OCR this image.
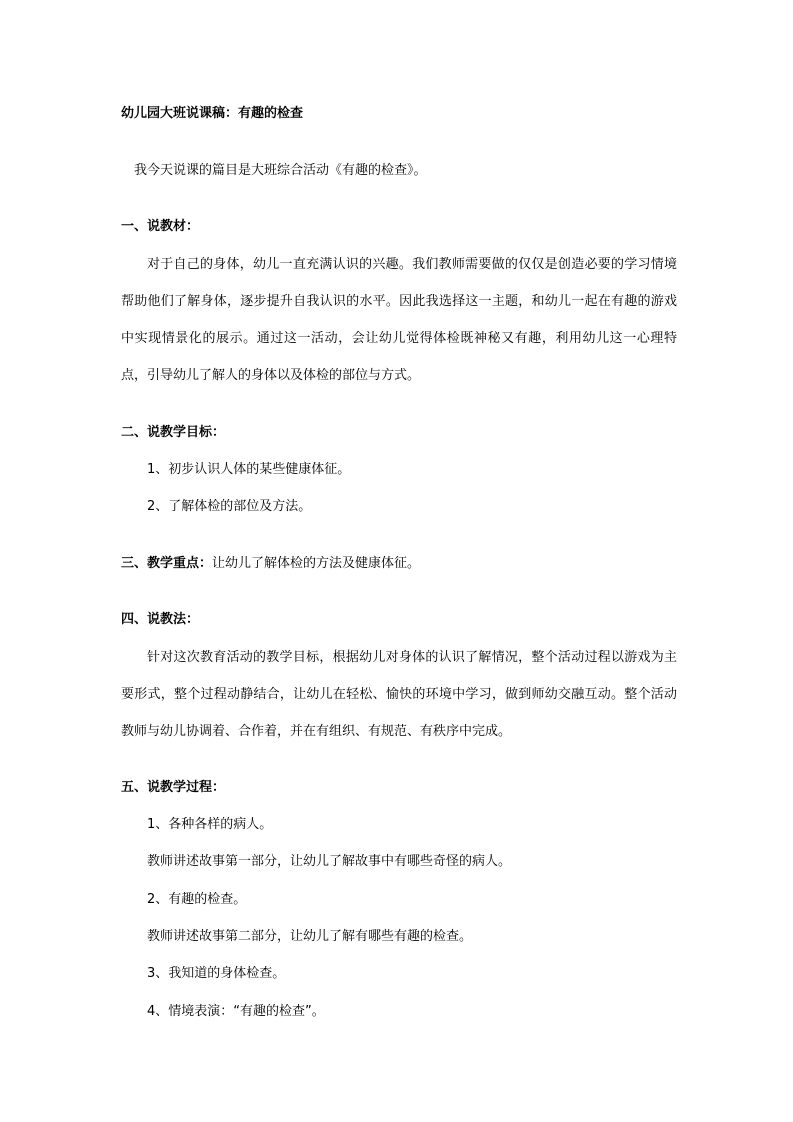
幼儿园大班说课稿：有趣的检查
我今天说课的篇目是大班综合活动《有趣的检查》。
一、说教材：
对于自己的身体，幼儿一直充满认识的兴趣。我们教师需要做的仅仅是创造必要的学习情境帮助他们了解身体，逐步提升自我认识的水平。因此我选择这一主题，和幼儿一起在有趣的游戏中实现情景化的展示。通过这一活动，会让幼儿觉得体检既神秘又有趣，利用幼儿这一心理特点，引导幼儿了解人的身体以及体检的部位与方式。
二、说教学目标：
1、初步认识人体的某些健康体征。
2、了解体检的部位及方法。
三、教学重点：让幼儿了解体检的方法及健康体征。
四、说教法：
针对这次教育活动的教学目标，根据幼儿对身体的认识了解情况，整个活动过程以游戏为主要形式，整个过程动静结合，让幼儿在轻松、愉快的环境中学习，做到师幼交融互动。整个活动教师与幼儿协调着、合作着，并在有组织、有规范、有秩序中完成。
五、说教学过程：
1、各种各样的病人。
教师讲述故事第一部分，让幼儿了解故事中有哪些奇怪的病人。
2、有趣的检查。
教师讲述故事第二部分，让幼儿了解有哪些有趣的检查。
3、我知道的身体检查。
4、情境表演：“有趣的检查”。
